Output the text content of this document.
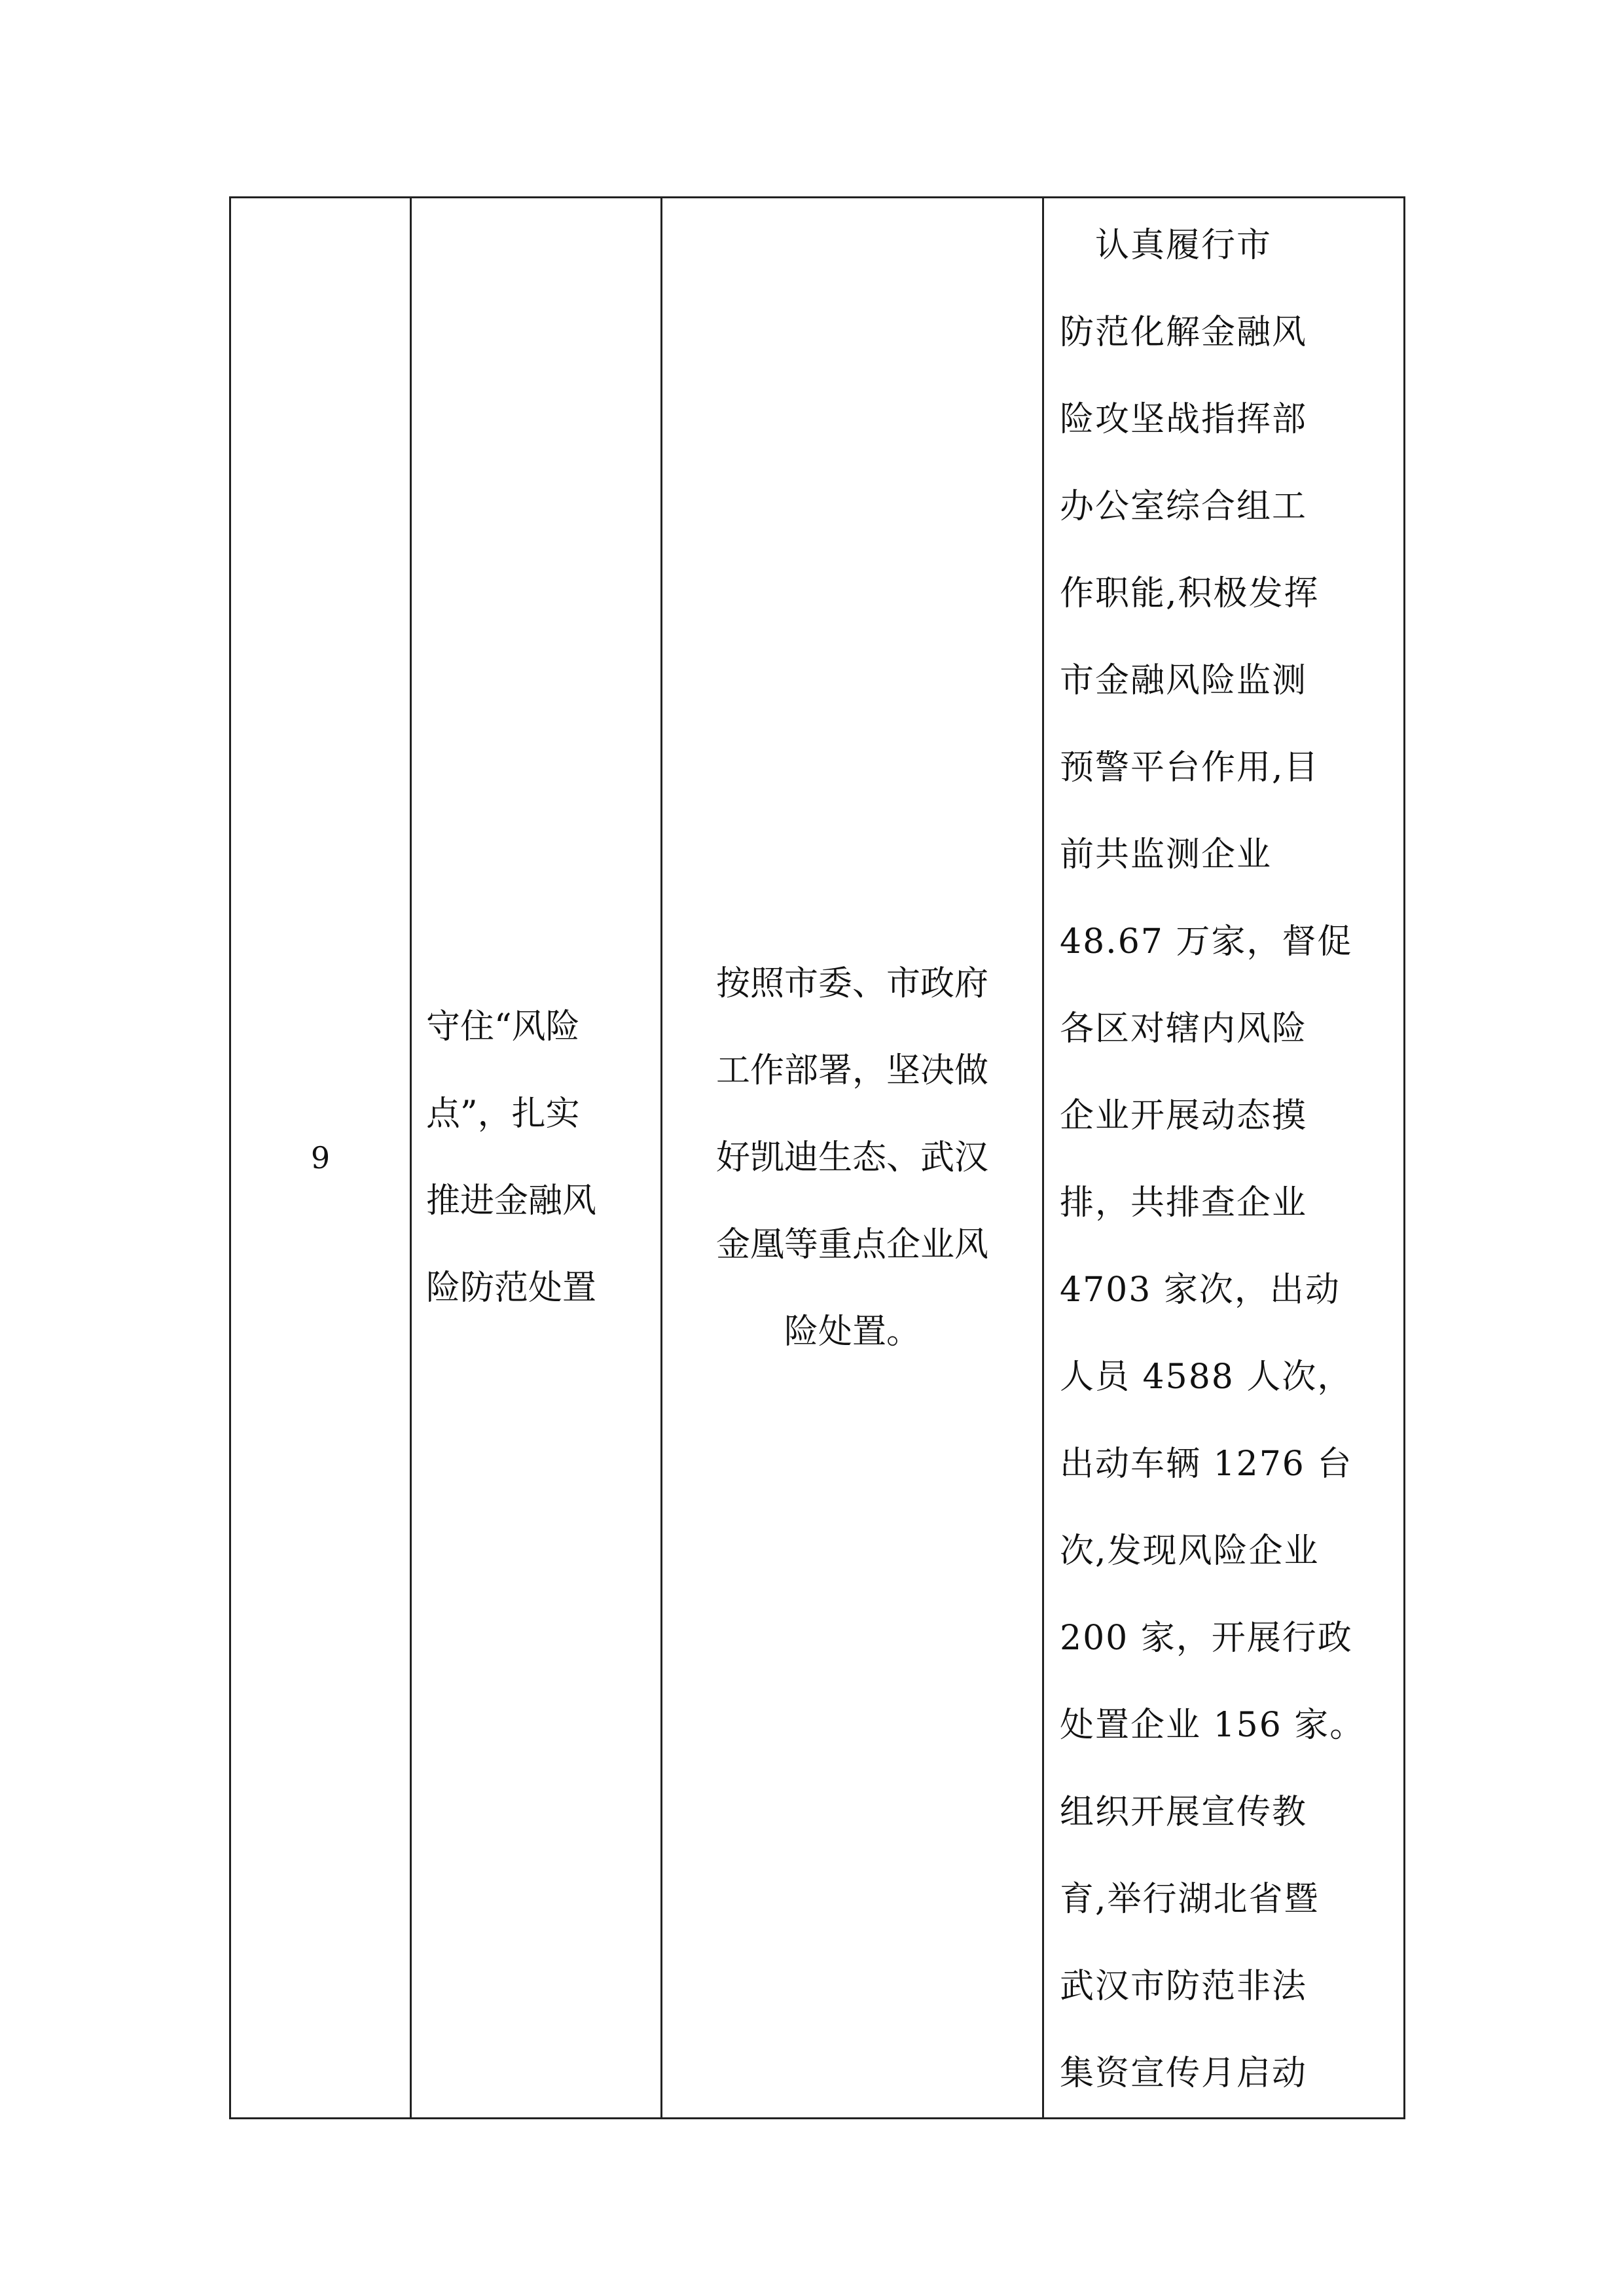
9	
守住“风险
点”，扎实
推进金融风
险防范处置

按照市委、市政府
工作部署，坚决做
好凯迪生态、武汉
金凰等重点企业风
险处置。

　认真履行市
防范化解金融风
险攻坚战指挥部
办公室综合组工
作职能,积极发挥
市金融风险监测
预警平台作用,目
前共监测企业
48.67 万家，督促
各区对辖内风险
企业开展动态摸
排，共排查企业
4703 家次，出动
人员 4588 人次，
出动车辆 1276 台
次,发现风险企业
200 家，开展行政
处置企业 156 家。
组织开展宣传教
育,举行湖北省暨
武汉市防范非法
集资宣传月启动
